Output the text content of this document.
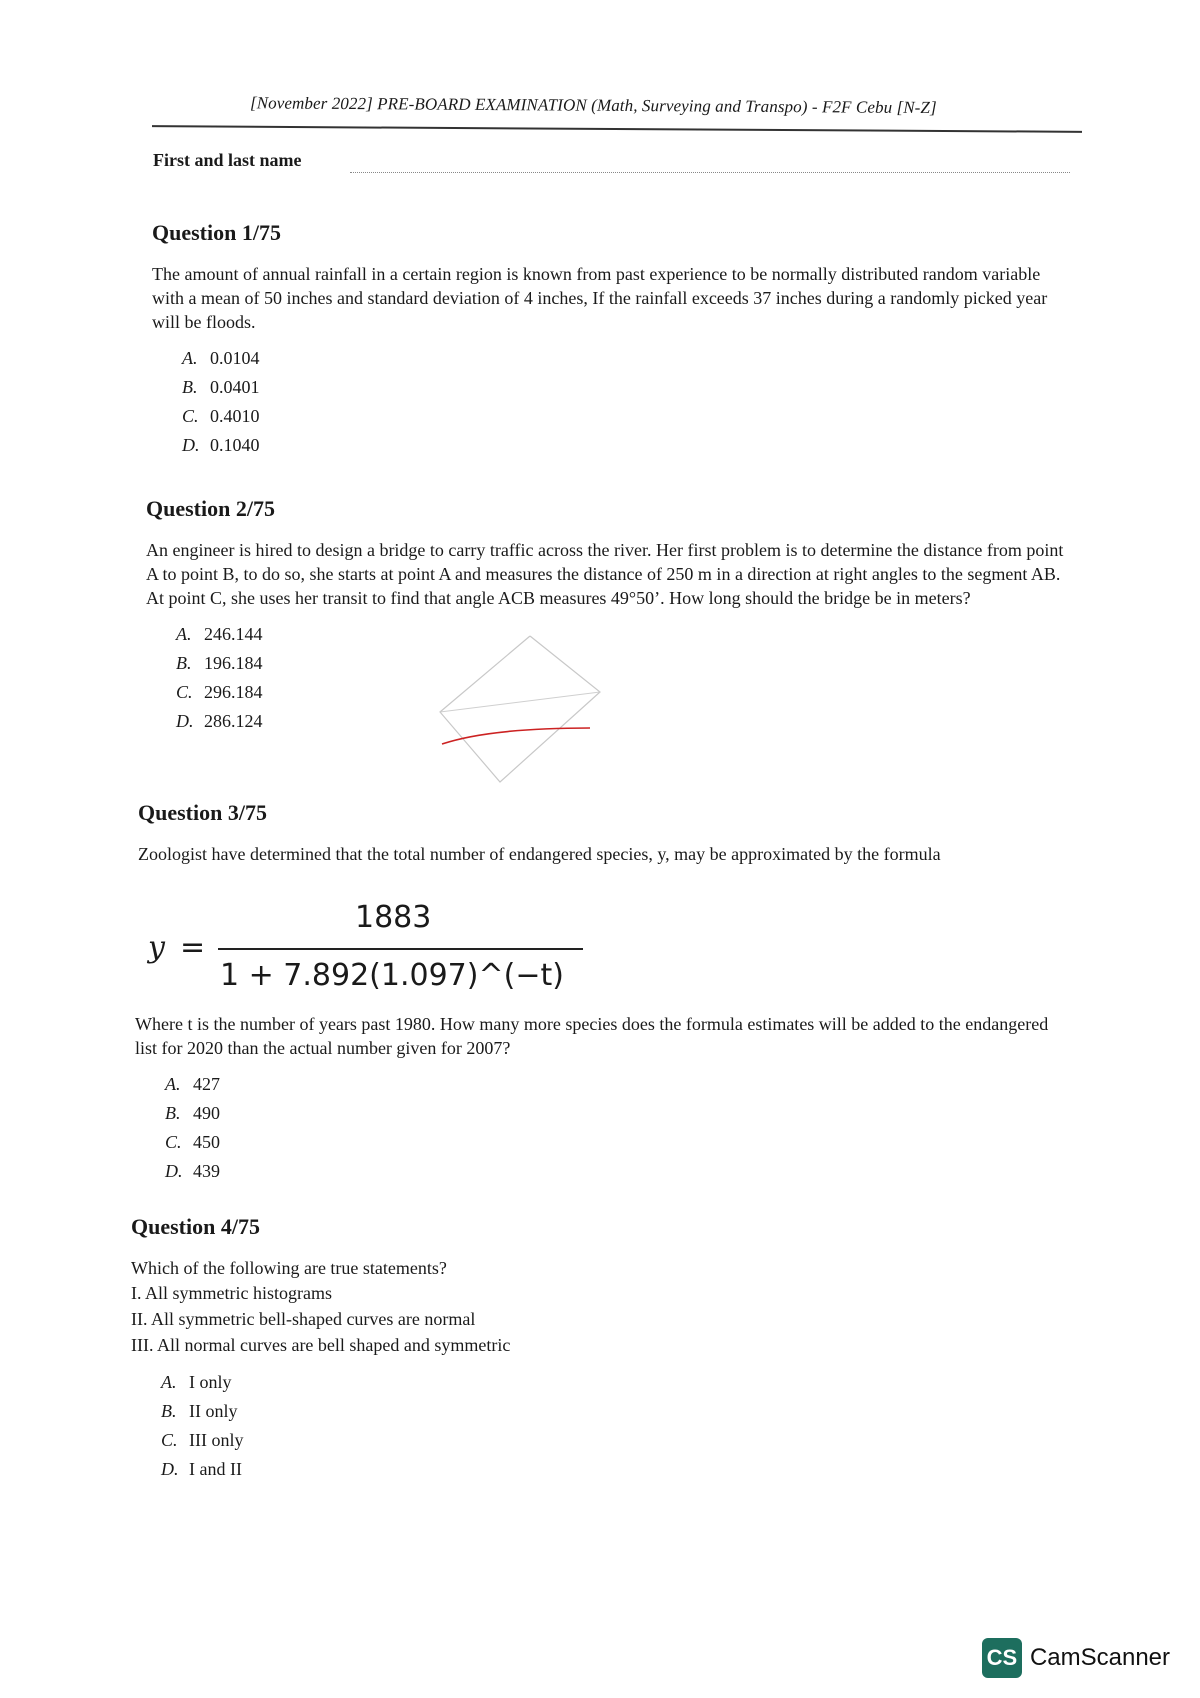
[November 2022] PRE-BOARD EXAMINATION (Math, Surveying and Transpo) - F2F Cebu [N-Z]
First and last name
Question 1/75

The amount of annual rainfall in a certain region is known from past experience to be normally distributed random variable with a mean of 50 inches and standard deviation of 4 inches, If the rainfall exceeds 37 inches during a randomly picked year will be floods.

A. 0.0104
B. 0.0401
C. 0.4010
D. 0.1040
Question 2/75

An engineer is hired to design a bridge to carry traffic across the river. Her first problem is to determine the distance from point A to point B, to do so, she starts at point A and measures the distance of 250 m in a direction at right angles to the segment AB. At point C, she uses her transit to find that angle ACB measures 49°50’. How long should the bridge be in meters?

A. 246.144
B. 196.184
C. 296.184
D. 286.124
Question 3/75

Zoologist have determined that the total number of endangered species, y, may be approximated by the formula

y =
1883
1 + 7.892(1.097)^(−t)

Where t is the number of years past 1980. How many more species does the formula estimates will be added to the endangered list for 2020 than the actual number given for 2007?

A. 427
B. 490
C. 450
D. 439
Question 4/75

Which of the following are true statements?

I. All symmetric histograms
II. All symmetric bell-shaped curves are normal
III. All normal curves are bell shaped and symmetric
A. I only
B. II only
C. III only
D. I and II
CS CamScanner
